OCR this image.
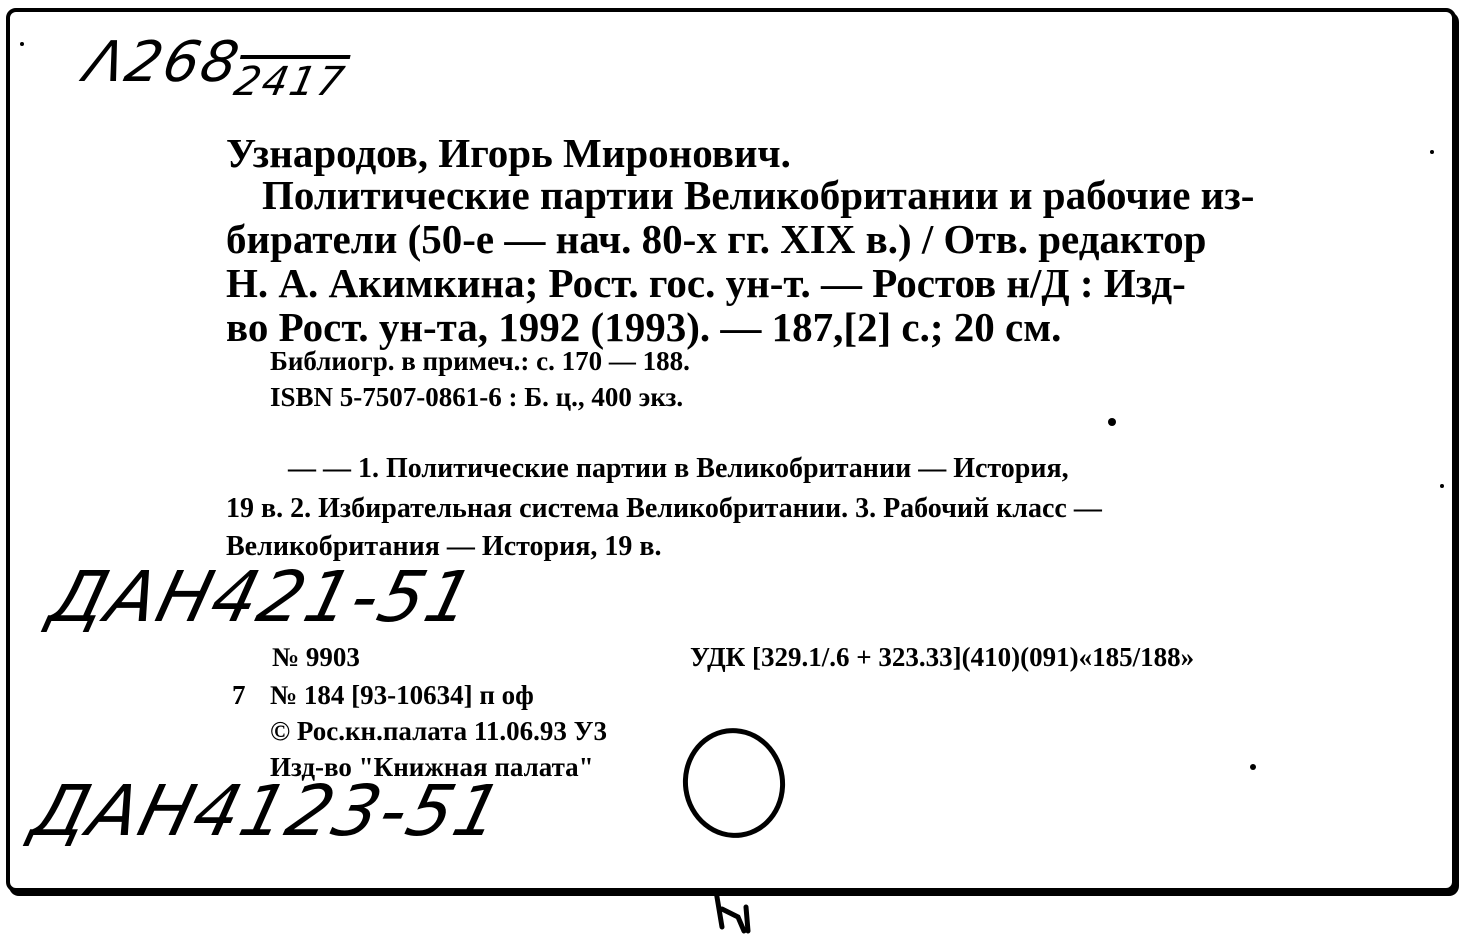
$\Lambda 268_{2417}$
Узнародов, Игорь Миронович.
Политические партии Великобритании и рабочие из-
биратели (50-е — нач. 80-х гг. XIX в.) / Отв. редактор
Н. А. Акимкина; Рост. гос. ун-т. — Ростов н/Д : Изд-
во Рост. ун-та, 1992 (1993). — 187,[2] с.; 20 см.
Библиогр. в примеч.: с. 170 — 188.
ISBN 5-7507-0861-6 : Б. ц., 400 экз.
— — 1. Политические партии в Великобритании — История,
19 в. 2. Избирательная система Великобритании. 3. Рабочий класс —
Великобритания — История, 19 в.
ДАН421-51
№ 9903	УДК [329.1/.6 + 323.33](410)(091)«185/188»
7 № 184 [93-10634] п оф
© Рос.кн.палата 11.06.93 У3
Изд-во "Книжная палата"
ДАН4123-51
